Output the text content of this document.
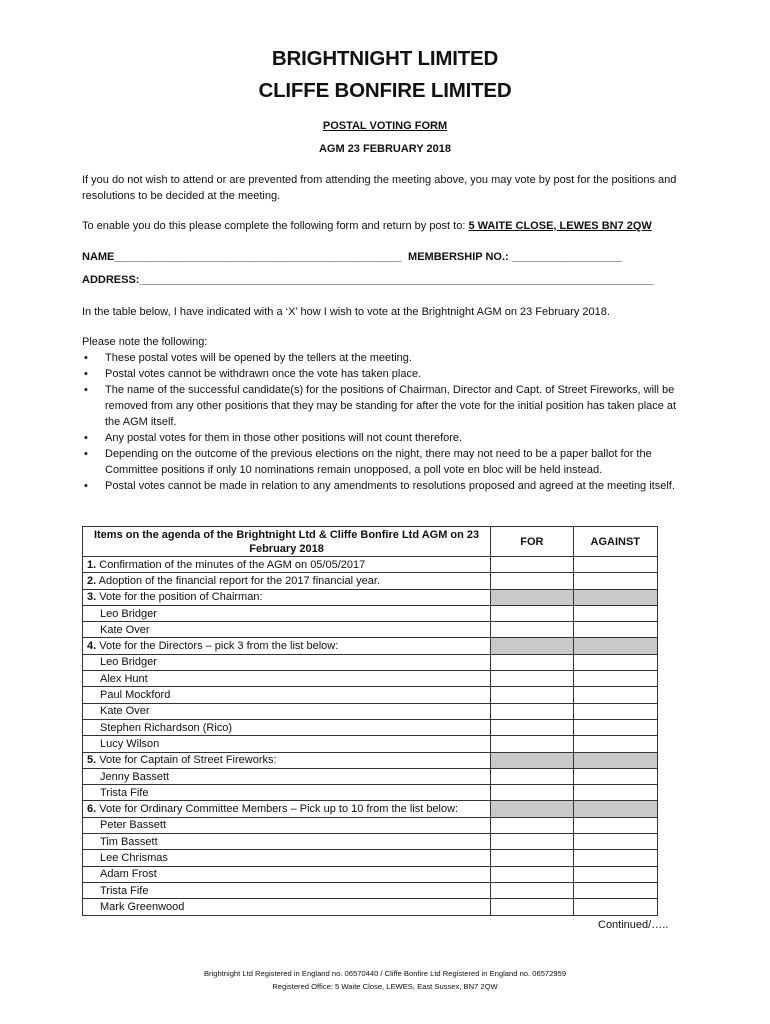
BRIGHTNIGHT LIMITED
CLIFFE BONFIRE LIMITED
POSTAL VOTING FORM
AGM 23 FEBRUARY 2018
If you do not wish to attend or are prevented from attending the meeting above, you may vote by post for the positions and resolutions to be decided at the meeting.
To enable you do this please complete the following form and return by post to: 5 WAITE CLOSE, LEWES BN7 2QW
NAME_______________________________________________ MEMBERSHIP NO.: __________________
ADDRESS:____________________________________________________________________________________
In the table below, I have indicated with a ‘X’ how I wish to vote at the Brightnight AGM on 23 February 2018.
Please note the following:
• These postal votes will be opened by the tellers at the meeting.
• Postal votes cannot be withdrawn once the vote has taken place.
• The name of the successful candidate(s) for the positions of Chairman, Director and Capt. of Street Fireworks, will be removed from any other positions that they may be standing for after the vote for the initial position has taken place at the AGM itself.
• Any postal votes for them in those other positions will not count therefore.
• Depending on the outcome of the previous elections on the night, there may not need to be a paper ballot for the Committee positions if only 10 nominations remain unopposed, a poll vote en bloc will be held instead.
• Postal votes cannot be made in relation to any amendments to resolutions proposed and agreed at the meeting itself.
Items on the agenda of the Brightnight Ltd & Cliffe Bonfire Ltd AGM on 23 February 2018	FOR	AGAINST
1. Confirmation of the minutes of the AGM on 05/05/2017		
2. Adoption of the financial report for the 2017 financial year.		
3. Vote for the position of Chairman:		
Leo Bridger		
Kate Over		
4. Vote for the Directors – pick 3 from the list below:		
Leo Bridger		
Alex Hunt		
Paul Mockford		
Kate Over		
Stephen Richardson (Rico)		
Lucy Wilson		
5. Vote for Captain of Street Fireworks:		
Jenny Bassett		
Trista Fife		
6. Vote for Ordinary Committee Members – Pick up to 10 from the list below:		
Peter Bassett		
Tim Bassett		
Lee Chrismas		
Adam Frost		
Trista Fife		
Mark Greenwood		
Continued/…..
Brightnight Ltd Registered in England no. 06570440 / Cliffe Bonfire Ltd Registered in England no. 06572959
Registered Office: 5 Waite Close, LEWES, East Sussex, BN7 2QW
